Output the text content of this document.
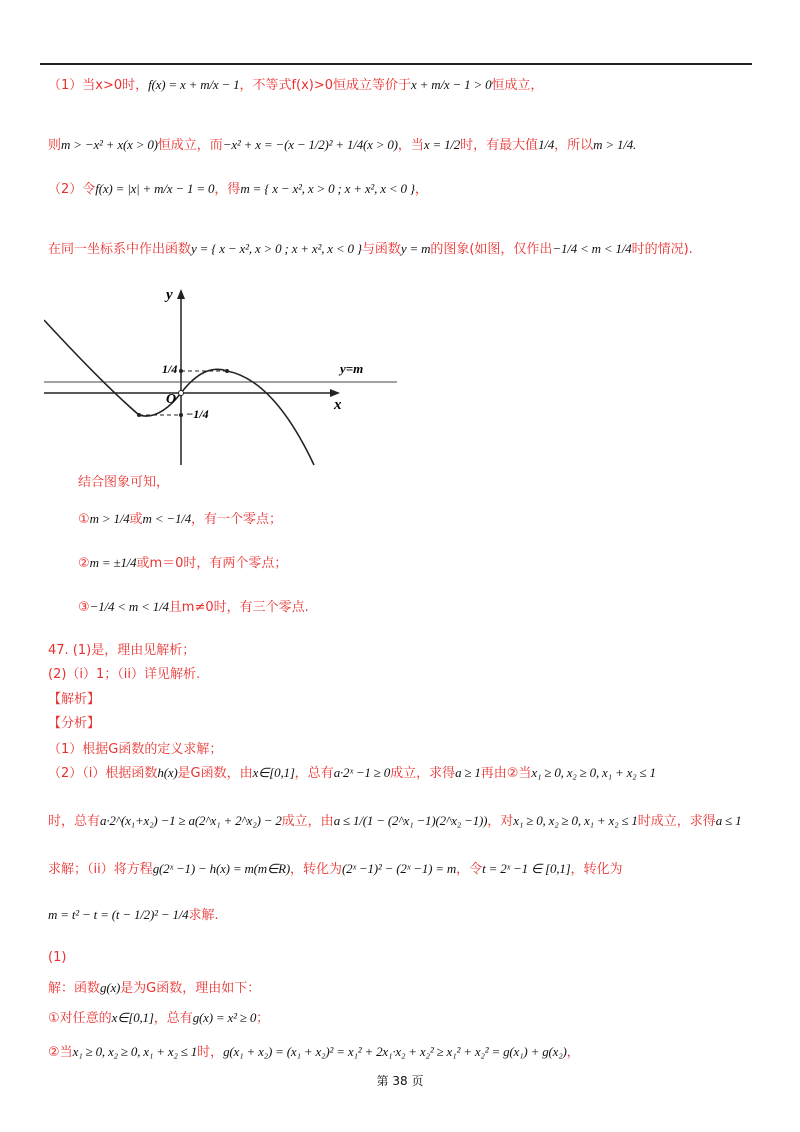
（1）当x>0时，f(x) = x + m/x − 1，不等式f(x)>0恒成立等价于x + m/x − 1 > 0恒成立，
则m > −x² + x(x > 0)恒成立，而−x² + x = −(x − 1/2)² + 1/4(x > 0)，当x = 1/2时，有最大值1/4，所以m > 1/4.
（2）令f(x) = |x| + m/x − 1 = 0，得m = { x − x², x > 0 ; x + x², x < 0 }，
在同一坐标系中作出函数y = { x − x², x > 0 ; x + x², x < 0 }与函数y = m的图象(如图，仅作出−1/4 < m < 1/4时的情况).
结合图象可知，
①m > 1/4或m < −1/4，有一个零点；
②m = ±1/4或m＝0时，有两个零点；
③−1/4 < m < 1/4且m≠0时，有三个零点.
47. (1)是，理由见解析；
(2)（i）1；（ii）详见解析.
【解析】
【分析】
（1）根据G函数的定义求解；
（2）（i）根据函数h(x)是G函数，由x∈[0,1]，总有a·2ˣ −1 ≥ 0成立，求得a ≥ 1再由②当x₁ ≥ 0, x₂ ≥ 0, x₁ + x₂ ≤ 1
时，总有a·2^(x₁+x₂) −1 ≥ a(2^x₁ + 2^x₂) − 2成立，由a ≤ 1/(1 − (2^x₁ −1)(2^x₂ −1))，对x₁ ≥ 0, x₂ ≥ 0, x₁ + x₂ ≤ 1时成立，求得a ≤ 1
求解；（ii）将方程g(2ˣ −1) − h(x) = m(m∈R)，转化为(2ˣ −1)² − (2ˣ −1) = m，令t = 2ˣ −1 ∈ [0,1]，转化为
m = t² − t = (t − 1/2)² − 1/4求解.
(1)
解：函数g(x)是为G函数，理由如下：
①对任意的x∈[0,1]，总有g(x) = x² ≥ 0；
②当x₁ ≥ 0, x₂ ≥ 0, x₁ + x₂ ≤ 1时，g(x₁ + x₂) = (x₁ + x₂)² = x₁² + 2x₁·x₂ + x₂² ≥ x₁² + x₂² = g(x₁) + g(x₂)，
y
x
O
1/4
−1/4
y=m
第 38 页
